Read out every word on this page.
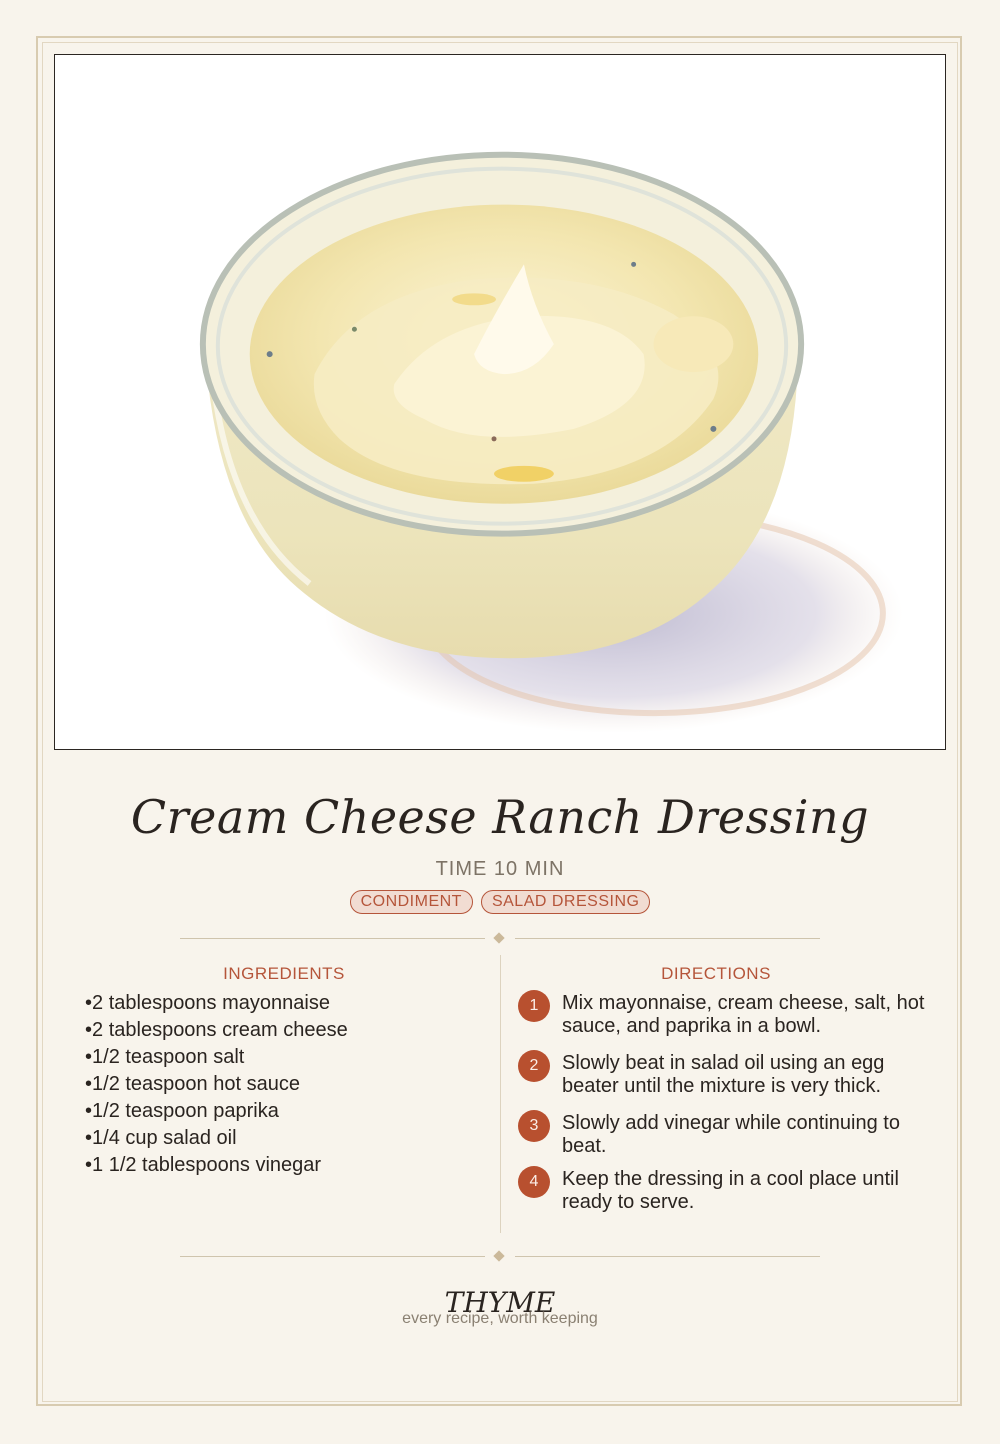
Cream Cheese Ranch Dressing
TIME 10 MIN
CONDIMENT SALAD DRESSING
INGREDIENTS	DIRECTIONS
• 2 tablespoons mayonnaise
• 2 tablespoons cream cheese
• 1/2 teaspoon salt
• 1/2 teaspoon hot sauce
• 1/2 teaspoon paprika
• 1/4 cup salad oil
• 1 1/2 tablespoons vinegar
1	Mix mayonnaise, cream cheese, salt, hot sauce, and paprika in a bowl.
2	Slowly beat in salad oil using an egg beater until the mixture is very thick.
3	Slowly add vinegar while continuing to beat.
4	Keep the dressing in a cool place until ready to serve.
THYME
every recipe, worth keeping
